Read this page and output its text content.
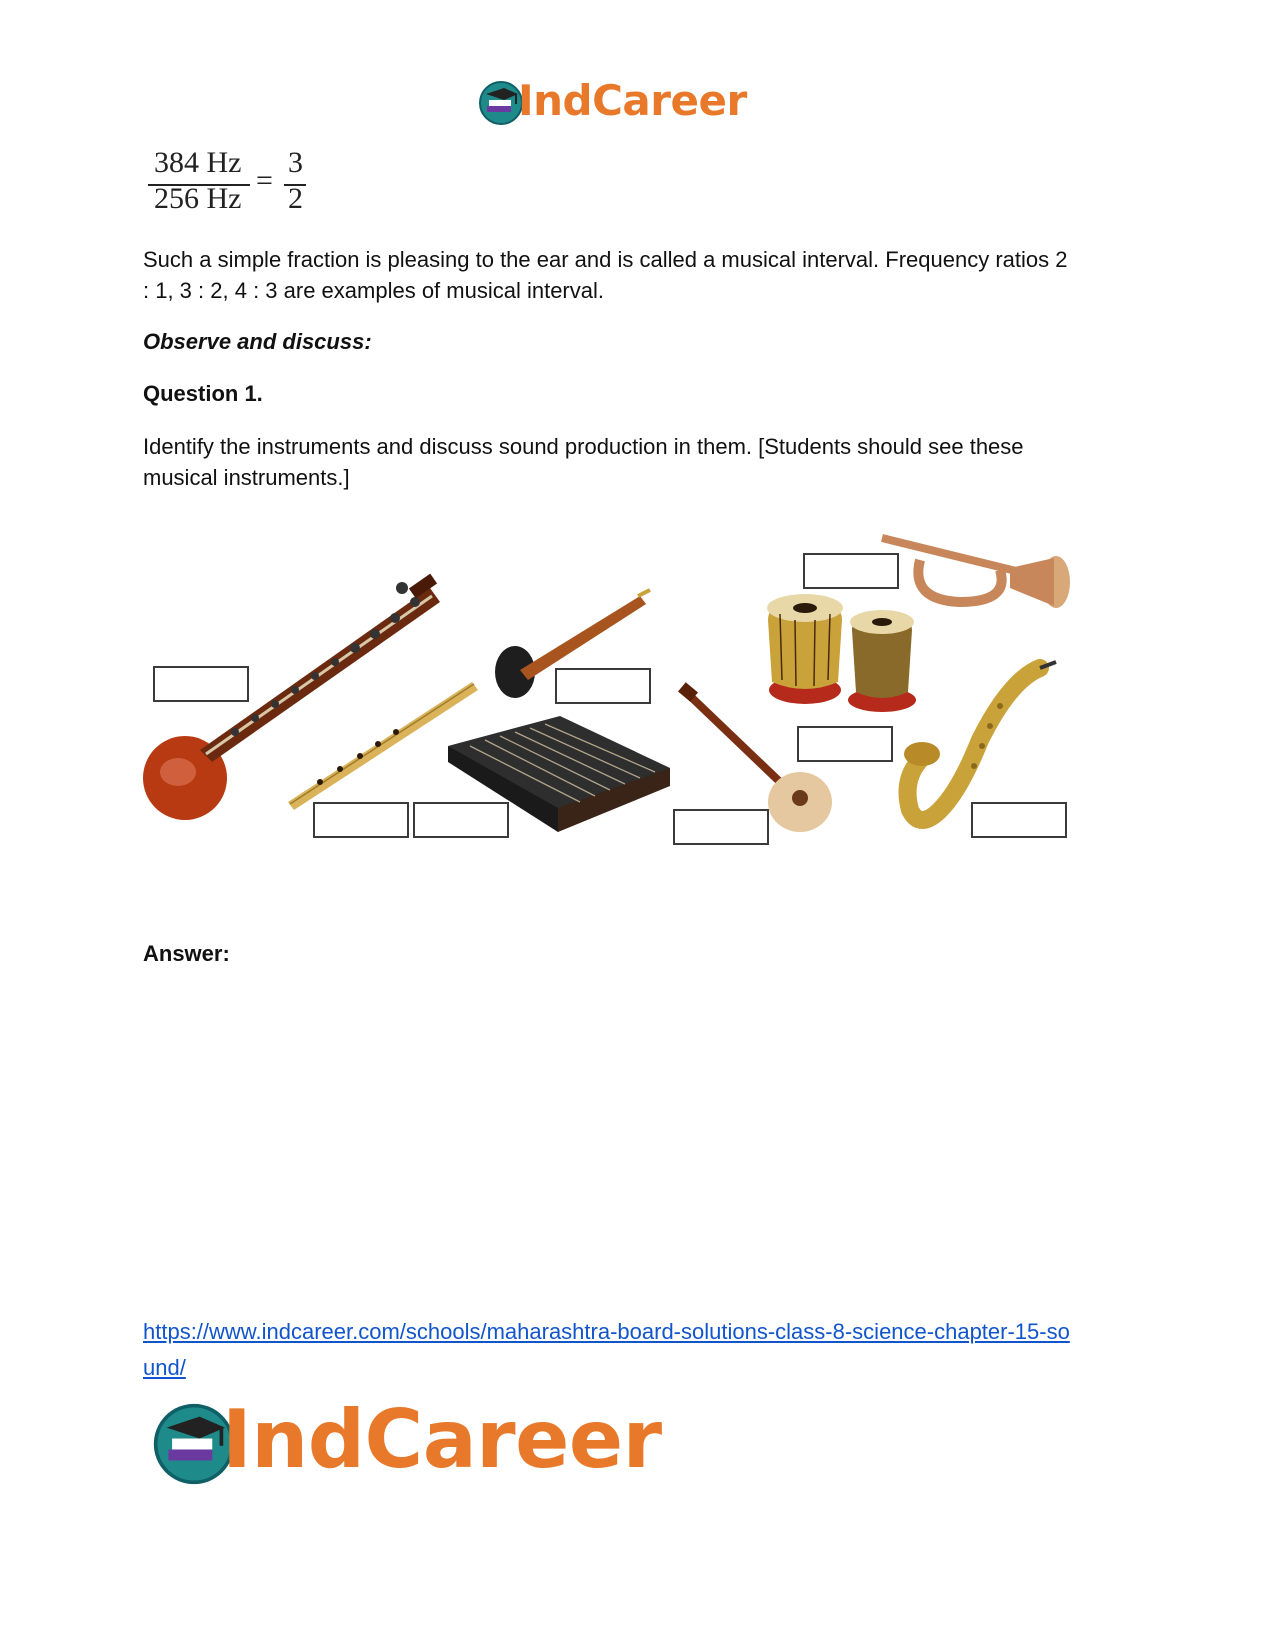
IndCareer
384 Hz
256 Hz
=
3
2
Such a simple fraction is pleasing to the ear and is called a musical interval. Frequency ratios 2 : 1, 3 : 2, 4 : 3 are examples of musical interval.
Observe and discuss:
Question 1.
Identify the instruments and discuss sound production in them. [Students should see these musical instruments.]
Answer:
https://www.indcareer.com/schools/maharashtra-board-solutions-class-8-science-chapter-15-so
und/
IndCareer
